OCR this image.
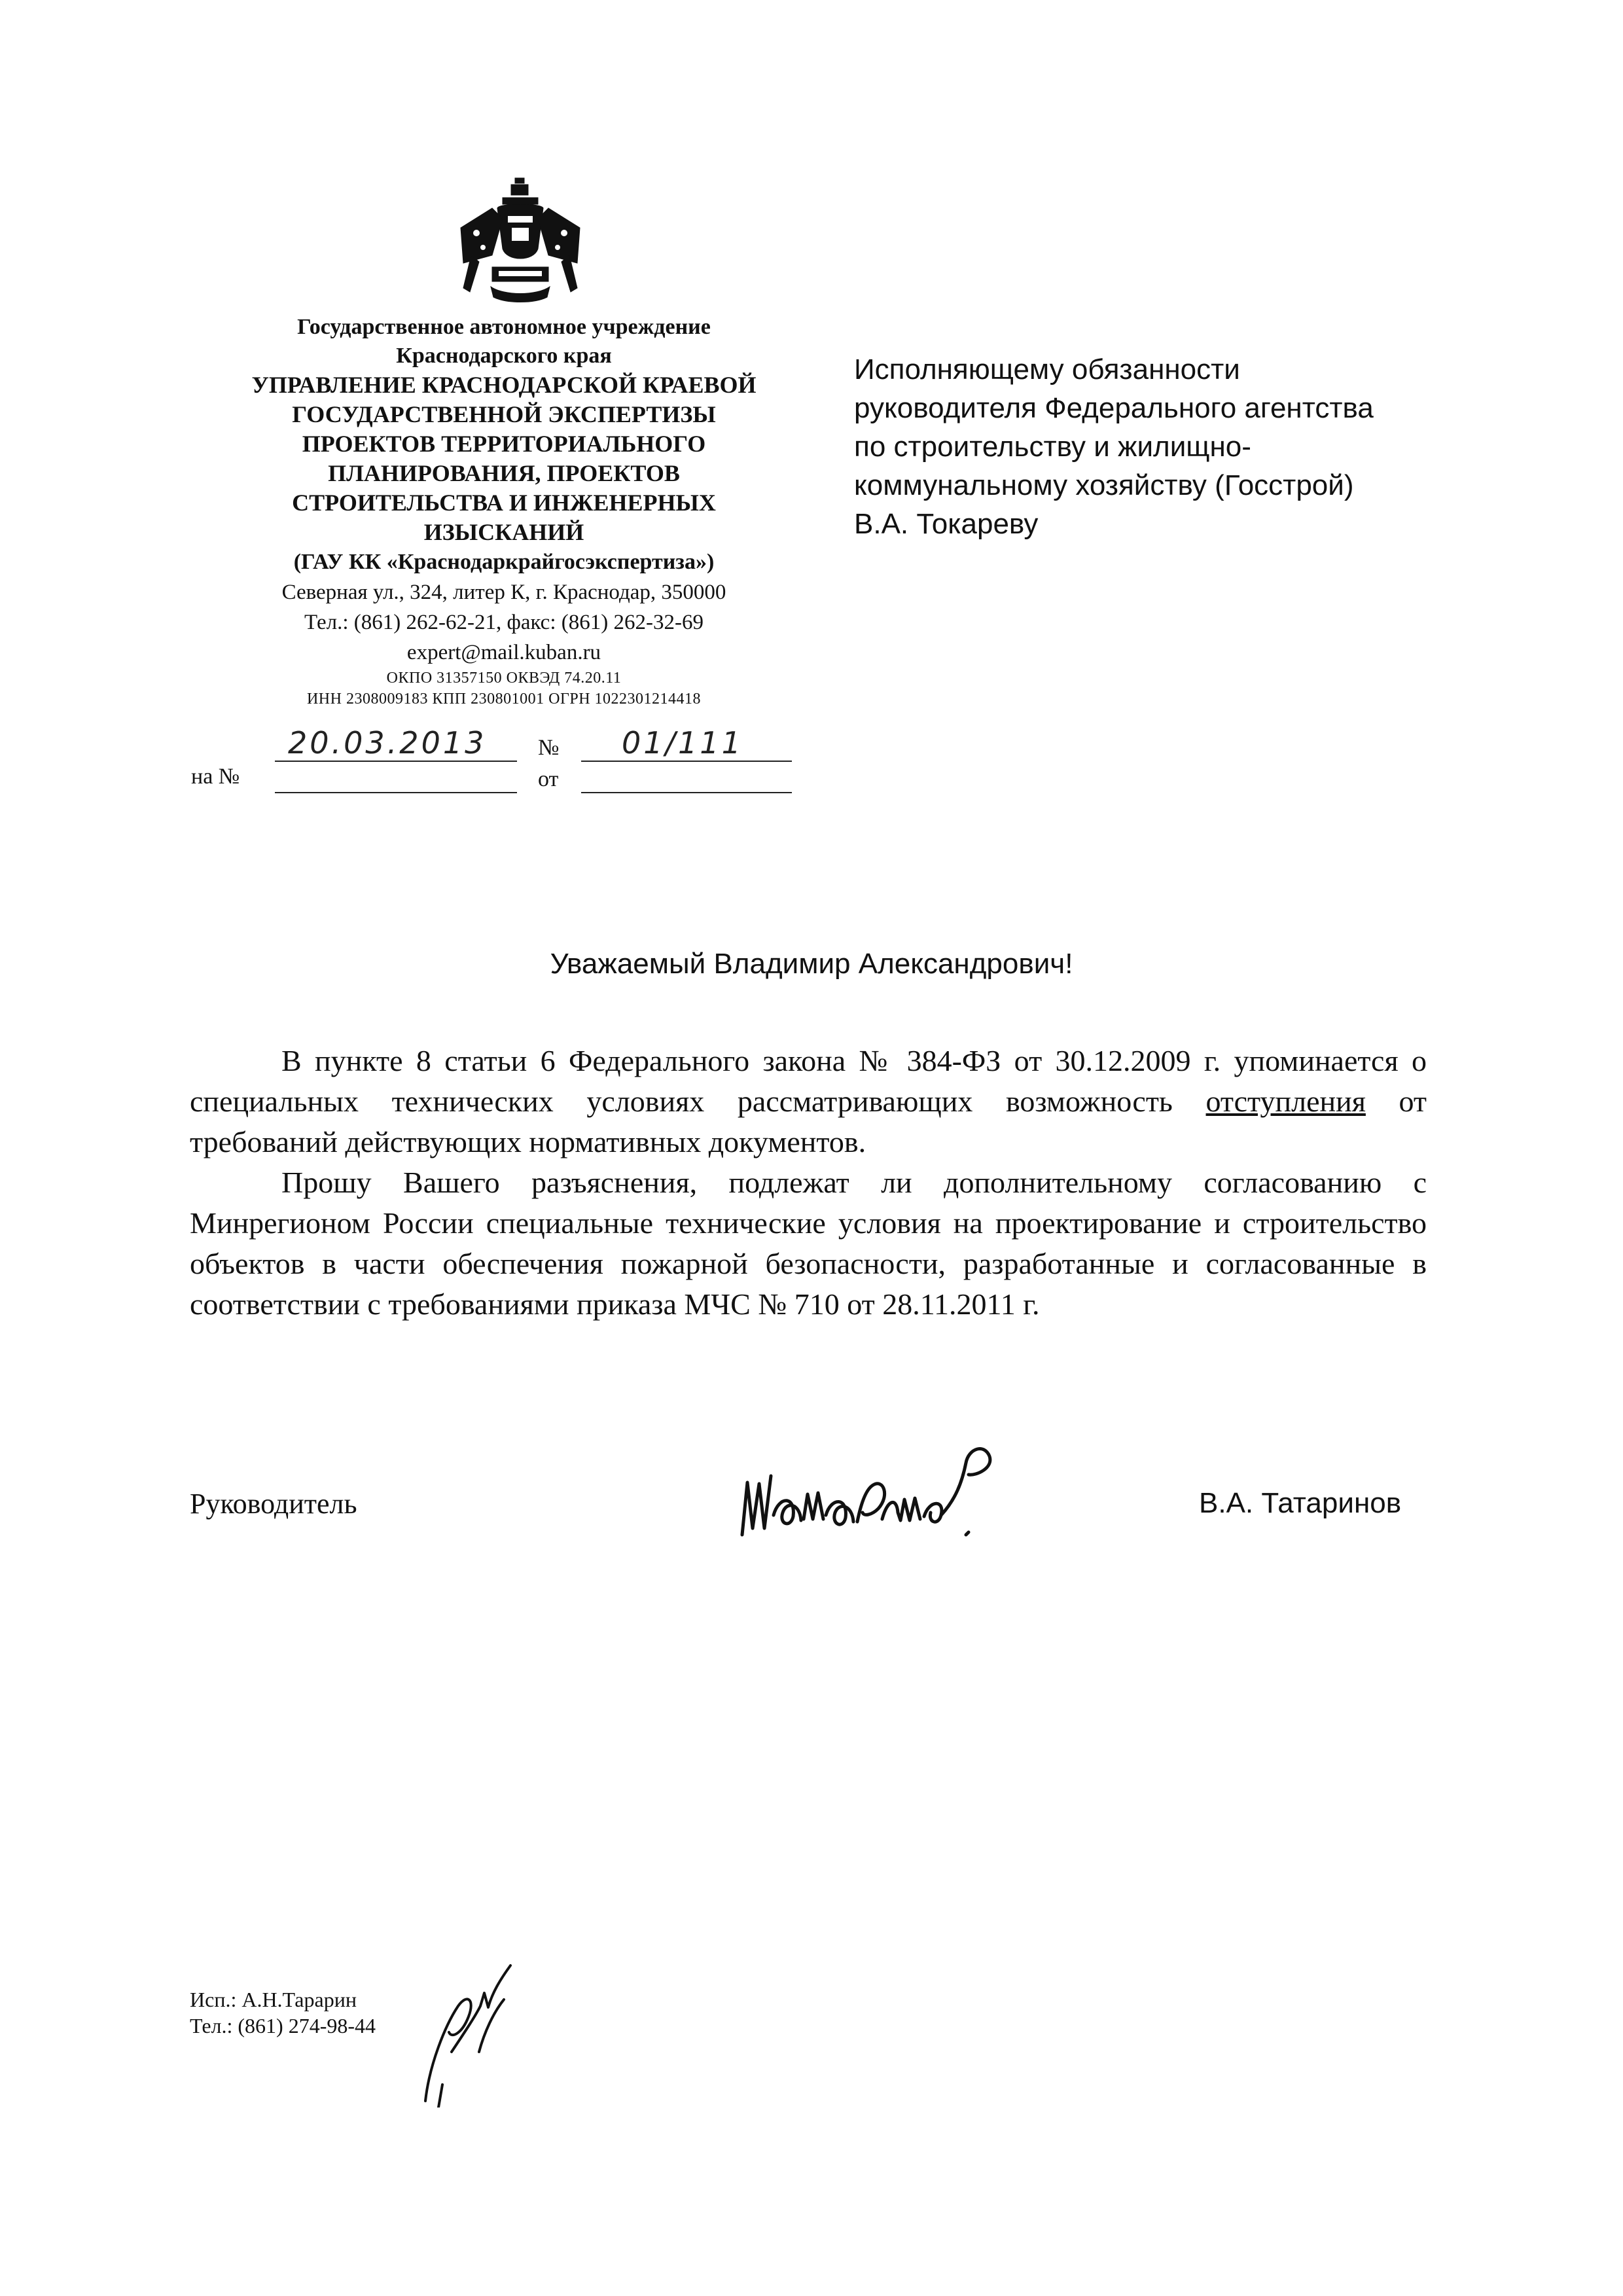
Государственное автономное учреждение
Краснодарского края
УПРАВЛЕНИЕ КРАСНОДАРСКОЙ КРАЕВОЙ
ГОСУДАРСТВЕННОЙ ЭКСПЕРТИЗЫ
ПРОЕКТОВ ТЕРРИТОРИАЛЬНОГО
ПЛАНИРОВАНИЯ, ПРОЕКТОВ
СТРОИТЕЛЬСТВА И ИНЖЕНЕРНЫХ
ИЗЫСКАНИЙ
(ГАУ КК «Краснодаркрайгосэкспертиза»)
Северная ул., 324, литер К, г. Краснодар, 350000
Тел.: (861) 262-62-21, факс: (861) 262-32-69
expert@mail.kuban.ru
ОКПО 31357150 ОКВЭД 74.20.11
ИНН 2308009183 КПП 230801001 ОГРН 1022301214418
20.03.2013 № 01/111
на №	от
Исполняющему обязанности
руководителя Федерального агентства
по строительству и жилищно-
коммунальному хозяйству (Госстрой)
В.А. Токареву
Уважаемый Владимир Александрович!

В пункте 8 статьи 6 Федерального закона № 384-ФЗ от 30.12.2009 г. упоминается о специальных технических условиях рассматривающих возможность отступления от требований действующих нормативных документов.

Прошу Вашего разъяснения, подлежат ли дополнительному согласованию с Минрегионом России специальные технические условия на проектирование и строительство объектов в части обеспечения пожарной безопасности, разработанные и согласованные в соответствии с требованиями приказа МЧС № 710 от 28.11.2011 г.

Руководитель	В.А. Татаринов
Исп.: А.Н.Тарарин
Тел.: (861) 274-98-44
